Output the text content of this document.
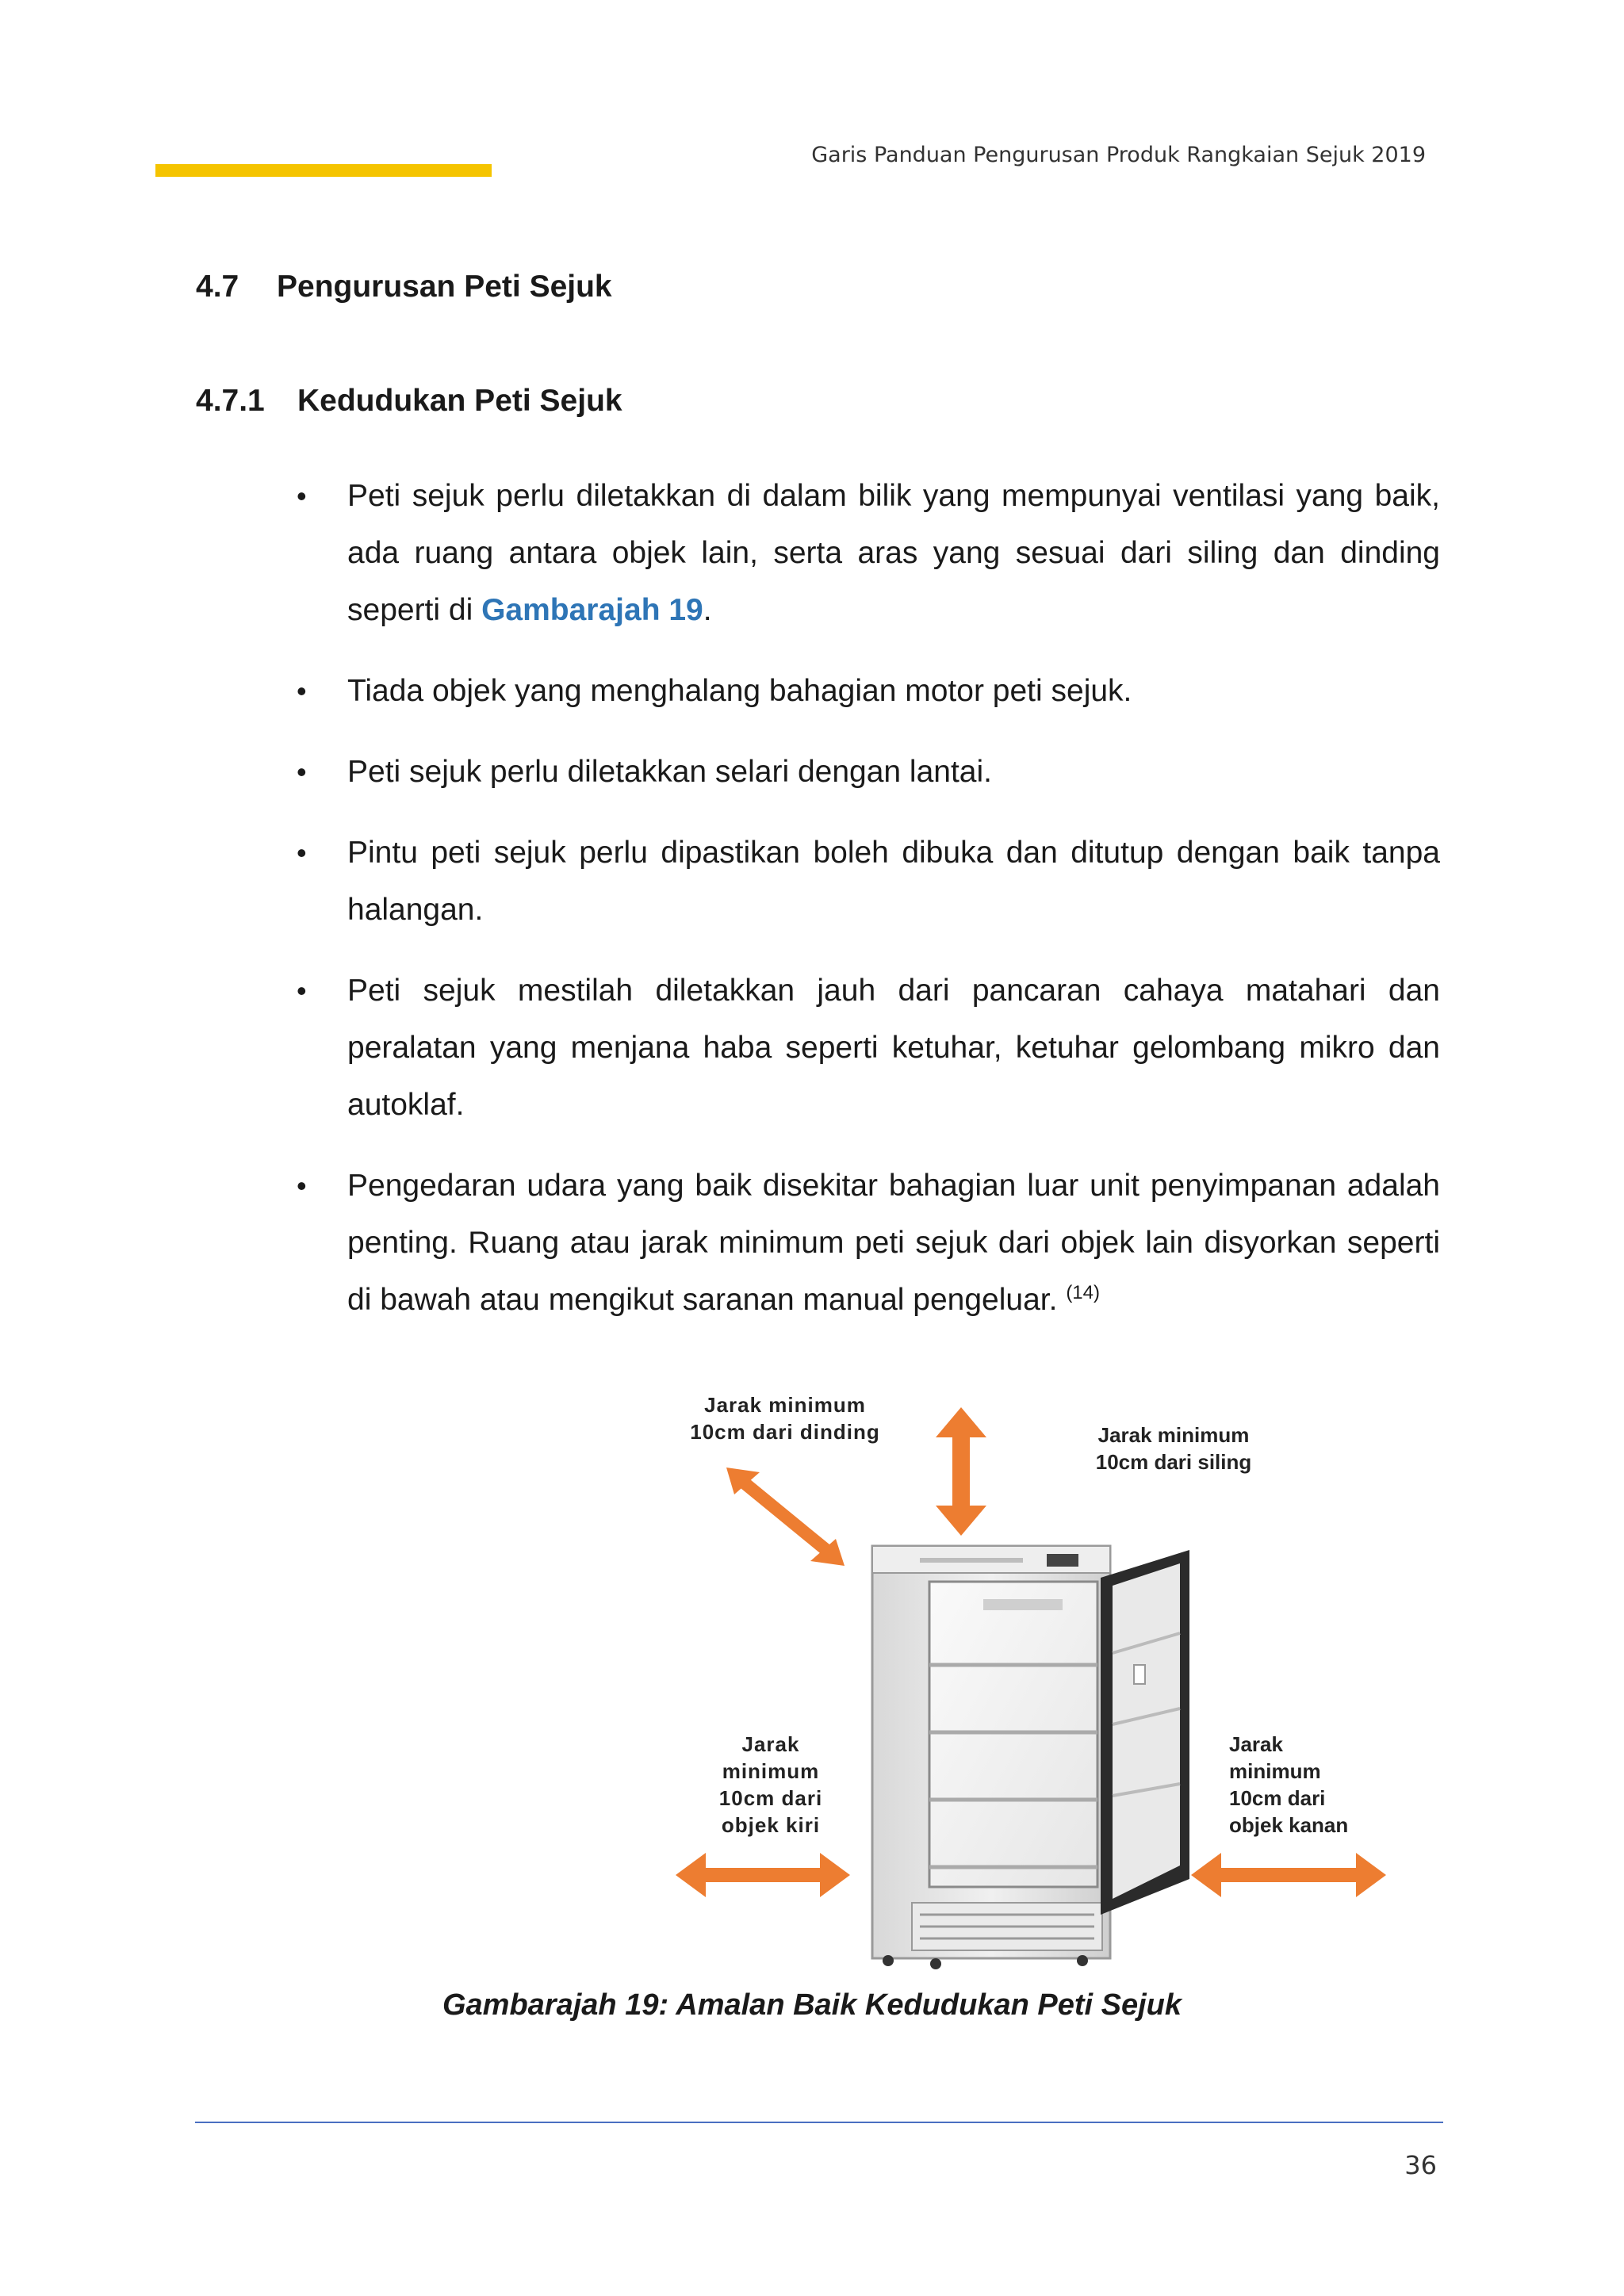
Garis Panduan Pengurusan Produk Rangkaian Sejuk 2019
4.7 Pengurusan Peti Sejuk
4.7.1 Kedudukan Peti Sejuk
• Peti sejuk perlu diletakkan di dalam bilik yang mempunyai ventilasi yang baik, ada ruang antara objek lain, serta aras yang sesuai dari siling dan dinding seperti di Gambarajah 19.
• Tiada objek yang menghalang bahagian motor peti sejuk.
• Peti sejuk perlu diletakkan selari dengan lantai.
• Pintu peti sejuk perlu dipastikan boleh dibuka dan ditutup dengan baik tanpa halangan.
• Peti sejuk mestilah diletakkan jauh dari pancaran cahaya matahari dan peralatan yang menjana haba seperti ketuhar, ketuhar gelombang mikro dan autoklaf.
• Pengedaran udara yang baik disekitar bahagian luar unit penyimpanan adalah penting. Ruang atau jarak minimum peti sejuk dari objek lain disyorkan seperti di bawah atau mengikut saranan manual pengeluar. $^{(14)}$
Jarak minimum
10cm dari dinding	Jarak minimum
10cm dari siling
Jarak
minimum
10cm dari
objek kiri
Jarak
minimum
10cm dari
objek kanan
Gambarajah 19: Amalan Baik Kedudukan Peti Sejuk
36
